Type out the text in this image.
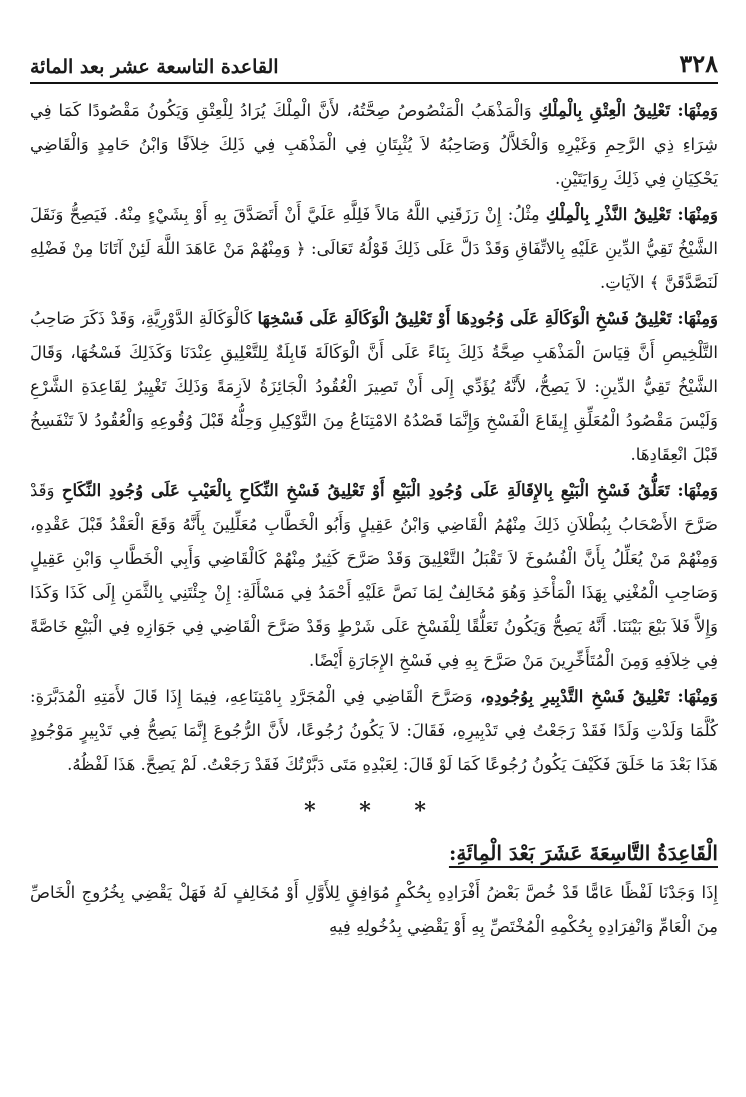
٣٢٨
القاعدة التاسعة عشر بعد المائة

وَمِنْهَا: تَعْلِيقُ الْعِتْقِ بِالْمِلْكِ وَالْمَذْهَبُ الْمَنْصُوصُ صِحَّتُهُ، لأَنَّ الْمِلْكَ يُرَادُ لِلْعِتْقِ وَيَكُونُ مَقْصُودًا كَمَا فِي شِرَاءِ ذِي الرَّحِمِ وَغَيْرِهِ وَالْخَلاَّلُ وَصَاحِبُهُ لاَ يُثْبِتَانِ فِي الْمَذْهَبِ فِي ذَلِكَ خِلاَفًا وَابْنُ حَامِدٍ وَالْقَاضِي يَحْكِيَانِ فِي ذَلِكَ رِوَايَتَيْنِ.

وَمِنْهَا: تَعْلِيقُ النَّذْرِ بِالْمِلْكِ مِثْلُ: إِنْ رَزَقَنِي اللَّهُ مَالاً فَلِلَّهِ عَلَيَّ أَنْ أَتَصَدَّقَ بِهِ أَوْ بِشَيْءٍ مِنْهُ. فَيَصِحُّ وَنَقَلَ الشَّيْخُ تَقِيُّ الدِّينِ عَلَيْهِ بِالاتِّفَاقِ وَقَدْ دَلَّ عَلَى ذَلِكَ قَوْلُهُ تَعَالَى: ﴿ وَمِنْهُمْ مَنْ عَاهَدَ اللَّهَ لَئِنْ آتَانَا مِنْ فَضْلِهِ لَنَصَّدَّقَنَّ ﴾ الآيَاتِ.

وَمِنْهَا: تَعْلِيقُ فَسْخِ الْوَكَالَةِ عَلَى وُجُودِهَا أَوْ تَعْلِيقُ الْوَكَالَةِ عَلَى فَسْخِهَا كَالْوَكَالَةِ الدَّوْرِيَّةِ، وَقَدْ ذَكَرَ صَاحِبُ التَّلْخِيصِ أَنَّ قِيَاسَ الْمَذْهَبِ صِحَّةُ ذَلِكَ بِنَاءً عَلَى أَنَّ الْوَكَالَةَ قَابِلَةٌ لِلتَّعْلِيقِ عِنْدَنَا وَكَذَلِكَ فَسْخُهَا، وَقَالَ الشَّيْخُ تَقِيُّ الدِّينِ: لاَ يَصِحُّ، لأَنَّهُ يُؤَدِّي إِلَى أَنْ تَصِيرَ الْعُقُودُ الْجَائِزَةُ لاَزِمَةً وَذَلِكَ تَغْيِيرٌ لِقَاعِدَةِ الشَّرْعِ وَلَيْسَ مَقْصُودُ الْمُعَلِّقِ إِيقَاعَ الْفَسْخِ وَإِنَّمَا قَصْدُهُ الامْتِنَاعُ مِنَ التَّوْكِيلِ وَحِلُّهُ قَبْلَ وُقُوعِهِ وَالْعُقُودُ لاَ تَنْفَسِخُ قَبْلَ انْعِقَادِهَا.

وَمِنْهَا: تَعَلُّقُ فَسْخِ الْبَيْعِ بِالإِقَالَةِ عَلَى وُجُودِ الْبَيْعِ أَوْ تَعْلِيقُ فَسْخِ النِّكَاحِ بِالْعَيْبِ عَلَى وُجُودِ النِّكَاحِ وَقَدْ صَرَّحَ الأَصْحَابُ بِبُطْلاَنِ ذَلِكَ مِنْهُمُ الْقَاضِي وَابْنُ عَقِيلٍ وَأَبُو الْخَطَّابِ مُعَلِّلِينَ بِأَنَّهُ وَقَعَ الْعَقْدُ قَبْلَ عَقْدِهِ، وَمِنْهُمْ مَنْ يُعَلِّلُ بِأَنَّ الْفُسُوخَ لاَ تَقْبَلُ التَّعْلِيقَ وَقَدْ صَرَّحَ كَثِيرٌ مِنْهُمْ كَالْقَاضِي وَأَبِي الْخَطَّابِ وَابْنِ عَقِيلٍ وَصَاحِبِ الْمُغْنِي بِهَذَا الْمَأْخَذِ وَهُوَ مُخَالِفٌ لِمَا نَصَّ عَلَيْهِ أَحْمَدُ فِي مَسْأَلَةِ: إِنْ جِئْتَنِي بِالثَّمَنِ إِلَى كَذَا وَكَذَا وَإِلاَّ فَلاَ بَيْعَ بَيْنَنَا. أَنَّهُ يَصِحُّ وَيَكُونُ تَعَلُّقًا لِلْفَسْخِ عَلَى شَرْطٍ وَقَدْ صَرَّحَ الْقَاضِي فِي جَوَازِهِ فِي الْبَيْعِ خَاصَّةً فِي خِلاَفِهِ وَمِنَ الْمُتَأَخِّرِينَ مَنْ صَرَّحَ بِهِ فِي فَسْخِ الإِجَارَةِ أَيْضًا.

وَمِنْهَا: تَعْلِيقُ فَسْخِ التَّدْبِيرِ بِوُجُودِهِ، وَصَرَّحَ الْقَاضِي فِي الْمُجَرَّدِ بِامْتِنَاعِهِ، فِيمَا إِذَا قَالَ لأَمَتِهِ الْمُدَبَّرَةِ: كُلَّمَا وَلَدْتِ وَلَدًا فَقَدْ رَجَعْتُ فِي تَدْبِيرِهِ، فَقَالَ: لاَ يَكُونُ رُجُوعًا، لأَنَّ الرُّجُوعَ إِنَّمَا يَصِحُّ فِي تَدْبِيرٍ مَوْجُودٍ هَذَا بَعْدَ مَا خَلَقَ فَكَيْفَ يَكُونُ رُجُوعًا كَمَا لَوْ قَالَ: لِعَبْدِهِ مَتَى دَبَّرْتُكَ فَقَدْ رَجَعْتُ. لَمْ يَصِحَّ. هَذَا لَفْظُهُ.

* * *
الْقَاعِدَةُ التَّاسِعَةَ عَشَرَ بَعْدَ الْمِائَةِ:

إِذَا وَجَدْنَا لَفْظًا عَامًّا قَدْ خُصَّ بَعْضُ أَفْرَادِهِ بِحُكْمٍ مُوَافِقٍ لِلأَوَّلِ أَوْ مُخَالِفٍ لَهُ فَهَلْ يَقْضِي بِخُرُوجِ الْخَاصِّ مِنَ الْعَامِّ وَانْفِرَادِهِ بِحُكْمِهِ الْمُخْتَصِّ بِهِ أَوْ يَقْضِي بِدُخُولِهِ فِيهِ
